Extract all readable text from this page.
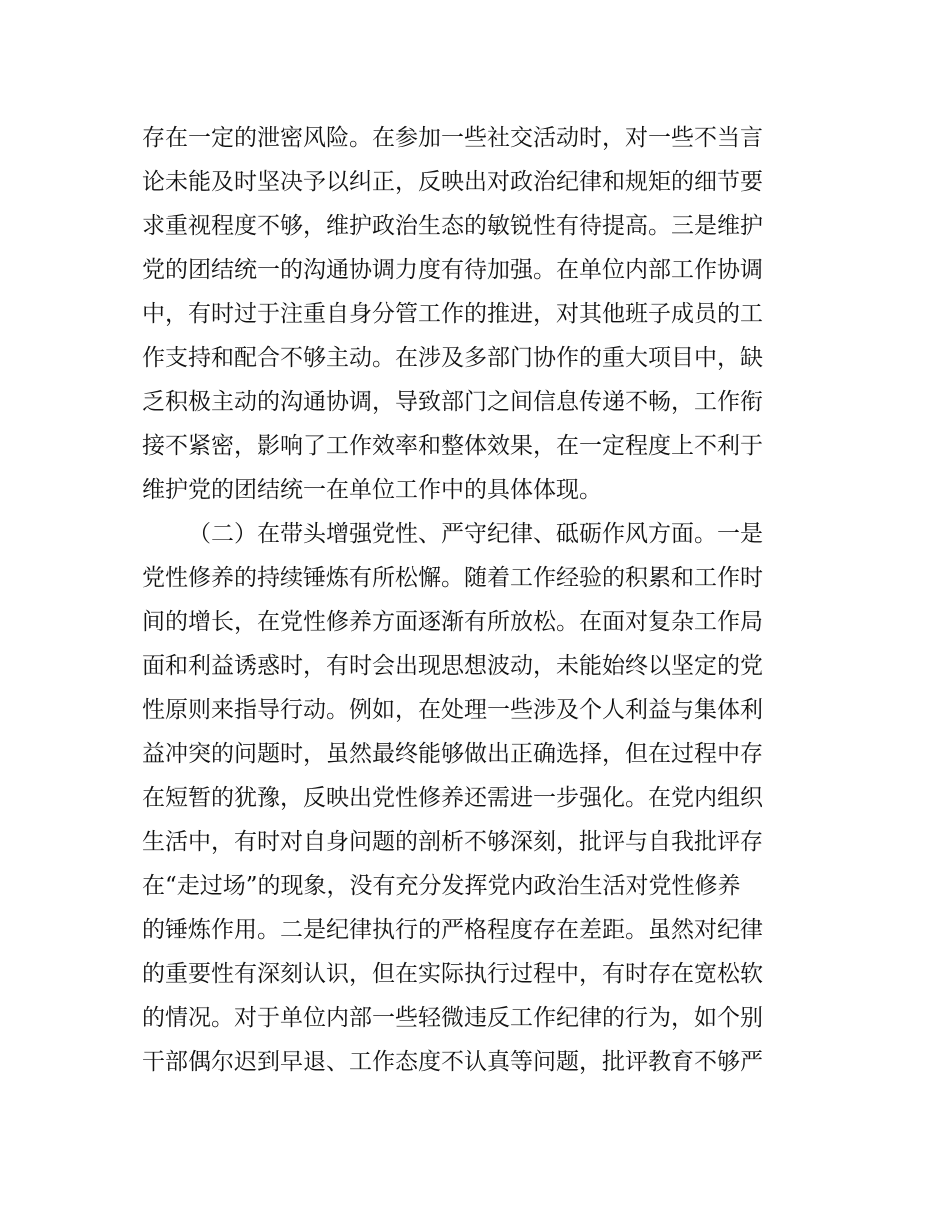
存在一定的泄密风险。在参加一些社交活动时，对一些不当言
论未能及时坚决予以纠正，反映出对政治纪律和规矩的细节要
求重视程度不够，维护政治生态的敏锐性有待提高。三是维护
党的团结统一的沟通协调力度有待加强。在单位内部工作协调
中，有时过于注重自身分管工作的推进，对其他班子成员的工
作支持和配合不够主动。在涉及多部门协作的重大项目中，缺
乏积极主动的沟通协调，导致部门之间信息传递不畅，工作衔
接不紧密，影响了工作效率和整体效果，在一定程度上不利于
维护党的团结统一在单位工作中的具体体现。
（二）在带头增强党性、严守纪律、砥砺作风方面。一是
党性修养的持续锤炼有所松懈。随着工作经验的积累和工作时
间的增长，在党性修养方面逐渐有所放松。在面对复杂工作局
面和利益诱惑时，有时会出现思想波动，未能始终以坚定的党
性原则来指导行动。例如，在处理一些涉及个人利益与集体利
益冲突的问题时，虽然最终能够做出正确选择，但在过程中存
在短暂的犹豫，反映出党性修养还需进一步强化。在党内组织
生活中，有时对自身问题的剖析不够深刻，批评与自我批评存
在“走过场”的现象，没有充分发挥党内政治生活对党性修养
的锤炼作用。二是纪律执行的严格程度存在差距。虽然对纪律
的重要性有深刻认识，但在实际执行过程中，有时存在宽松软
的情况。对于单位内部一些轻微违反工作纪律的行为，如个别
干部偶尔迟到早退、工作态度不认真等问题，批评教育不够严
